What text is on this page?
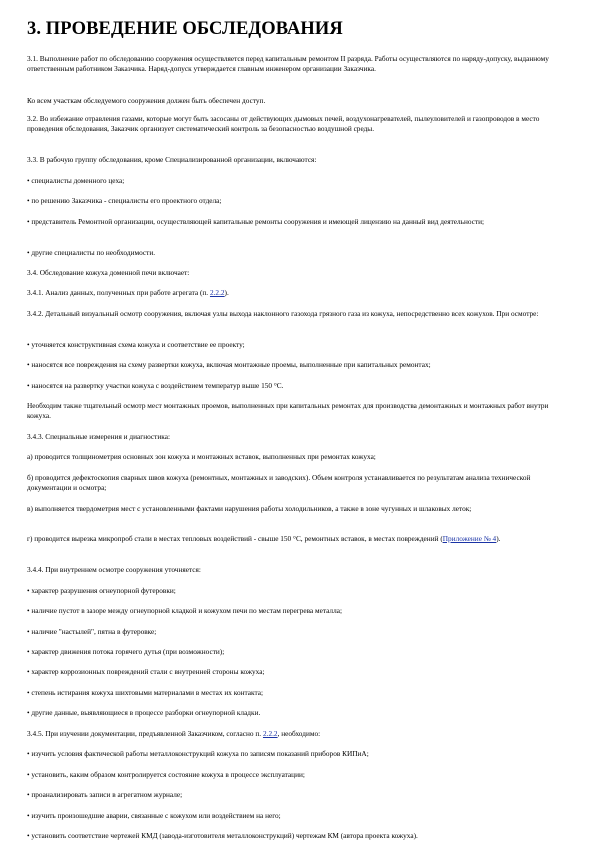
3. ПРОВЕДЕНИЕ ОБСЛЕДОВАНИЯ

3.1. Выполнение работ по обследованию сооружения осуществляется перед капитальным ремонтом II разряда. Работы осуществляются по наряду-допуску, выданному ответственным работником Заказчика. Наряд-допуск утверждается главным инженером организации Заказчика.

Ко всем участкам обследуемого сооружения должен быть обеспечен доступ.

3.2. Во избежание отравления газами, которые могут быть засосаны от действующих дымовых печей, воздухонагревателей, пылеуловителей и газопроводов в место проведения обследования, Заказчик организует систематический контроль за безопасностью воздушной среды.

3.3. В рабочую группу обследования, кроме Специализированной организации, включаются:

• специалисты доменного цеха;

• по решению Заказчика - специалисты его проектного отдела;

• представитель Ремонтной организации, осуществляющей капитальные ремонты сооружения и имеющей лицензию на данный вид деятельности;

• другие специалисты по необходимости.

3.4. Обследование кожуха доменной печи включает:

3.4.1. Анализ данных, полученных при работе агрегата (п. 2.2.2).

3.4.2. Детальный визуальный осмотр сооружения, включая узлы выхода наклонного газохода грязного газа из кожуха, непосредственно всех кожухов. При осмотре:

• уточняется конструктивная схема кожуха и соответствие ее проекту;

• наносятся все повреждения на схему развертки кожуха, включая монтажные проемы, выполненные при капитальных ремонтах;

• наносятся на развертку участки кожуха с воздействием температур выше 150 °С.

Необходим также тщательный осмотр мест монтажных проемов, выполненных при капитальных ремонтах для производства демонтажных и монтажных работ внутри кожуха.

3.4.3. Специальные измерения и диагностика:

а) проводится толщинометрия основных зон кожуха и монтажных вставок, выполненных при ремонтах кожуха;

б) проводится дефектоскопия сварных швов кожуха (ремонтных, монтажных и заводских). Объем контроля устанавливается по результатам анализа технической документации и осмотра;

в) выполняется твердометрия мест с установленными фактами нарушения работы холодильников, а также в зоне чугунных и шлаковых леток;

г) проводится вырезка микропроб стали в местах тепловых воздействий - свыше 150 °С, ремонтных вставок, в местах повреждений (Приложение № 4).

3.4.4. При внутреннем осмотре сооружения уточняется:

• характер разрушения огнеупорной футеровки;

• наличие пустот в зазоре между огнеупорной кладкой и кожухом печи по местам перегрева металла;

• наличие "настылей", пятна в футеровке;

• характер движения потока горячего дутья (при возможности);

• характер коррозионных повреждений стали с внутренней стороны кожуха;

• степень истирания кожуха шихтовыми материалами в местах их контакта;

• другие данные, выявляющиеся в процессе разборки огнеупорной кладки.

3.4.5. При изучении документации, предъявленной Заказчиком, согласно п. 2.2.2, необходимо:

• изучить условия фактической работы металлоконструкций кожуха по записям показаний приборов КИПиА;

• установить, каким образом контролируется состояние кожуха в процессе эксплуатации;

• проанализировать записи в агрегатном журнале;

• изучить произошедшие аварии, связанные с кожухом или воздействием на него;

• установить соответствие чертежей КМД (завода-изготовителя металлоконструкций) чертежам КМ (автора проекта кожуха).
